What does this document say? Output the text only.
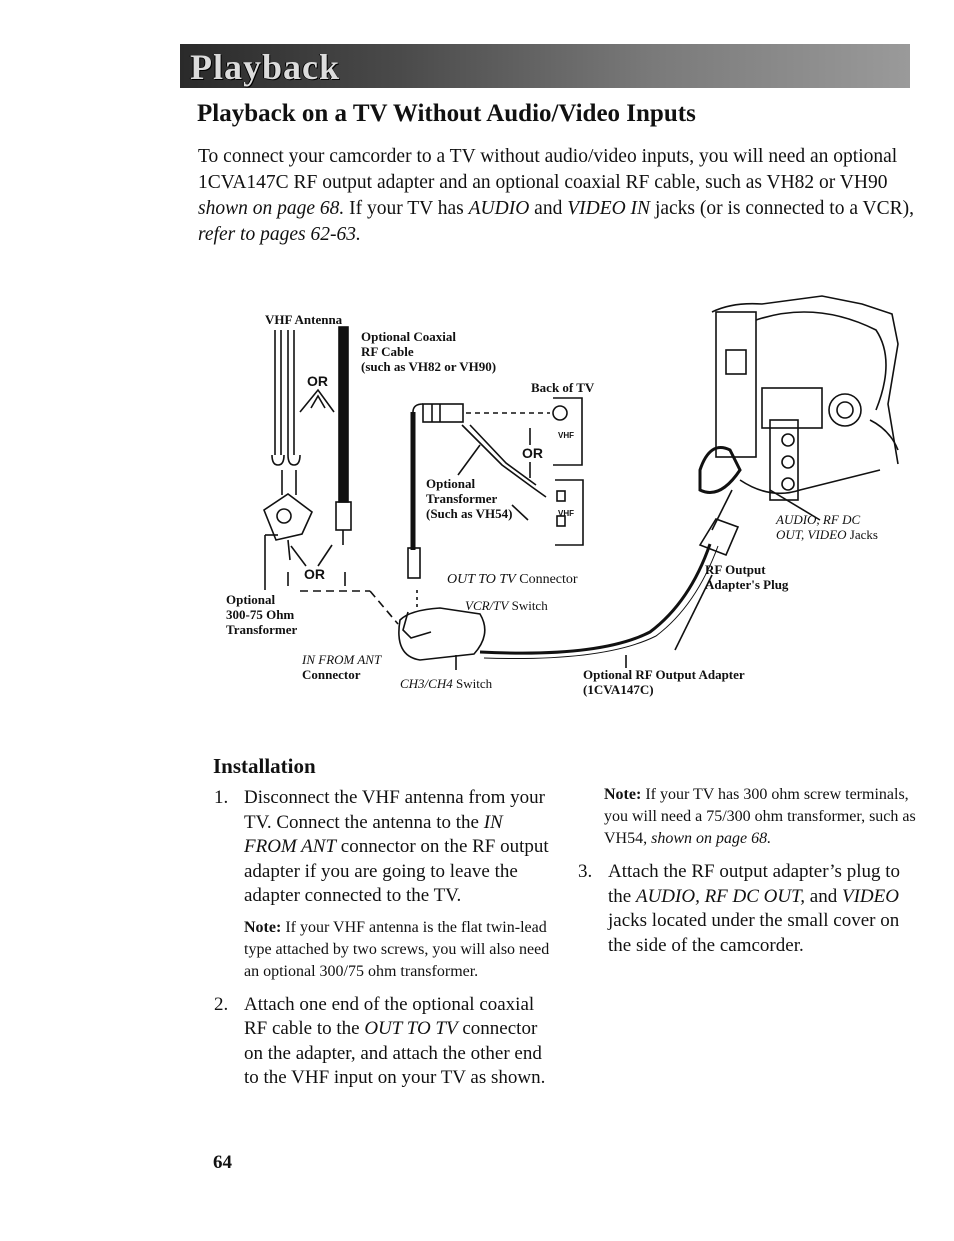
Playback
Playback on a TV Without Audio/Video Inputs

To connect your camcorder to a TV without audio/video inputs, you will need an optional 1CVA147C RF output adapter and an optional coaxial RF cable, such as VH82 or VH90 shown on page 68. If your TV has AUDIO and VIDEO IN jacks (or is connected to a VCR), refer to pages 62-63.

VHF Antenna
Optional Coaxial
RF Cable
(such as VH82 or VH90)
Back of TV
OR
OR
OR
VHF
VHF
Optional
Transformer
(Such as VH54)
Optional
300-75 Ohm
Transformer
OUT TO TV Connector
VCR/TV Switch
IN FROM ANT
Connector
CH3/CH4 Switch
Optional RF Output Adapter
(1CVA147C)
AUDIO, RF DC
OUT, VIDEO Jacks
RF Output
Adapter's Plug
Installation
1. Disconnect the VHF antenna from your TV. Connect the antenna to the IN FROM ANT connector on the RF output adapter if you are going to leave the adapter connected to the TV.
Note: If your VHF antenna is the flat twin-lead type attached by two screws, you will also need an optional 300/75 ohm transformer.
2. Attach one end of the optional coaxial RF cable to the OUT TO TV connector on the adapter, and attach the other end to the VHF input on your TV as shown.
Note: If your TV has 300 ohm screw terminals, you will need a 75/300 ohm transformer, such as VH54, shown on page 68.
3. Attach the RF output adapter’s plug to the AUDIO, RF DC OUT, and VIDEO jacks located under the small cover on the side of the camcorder.
64
